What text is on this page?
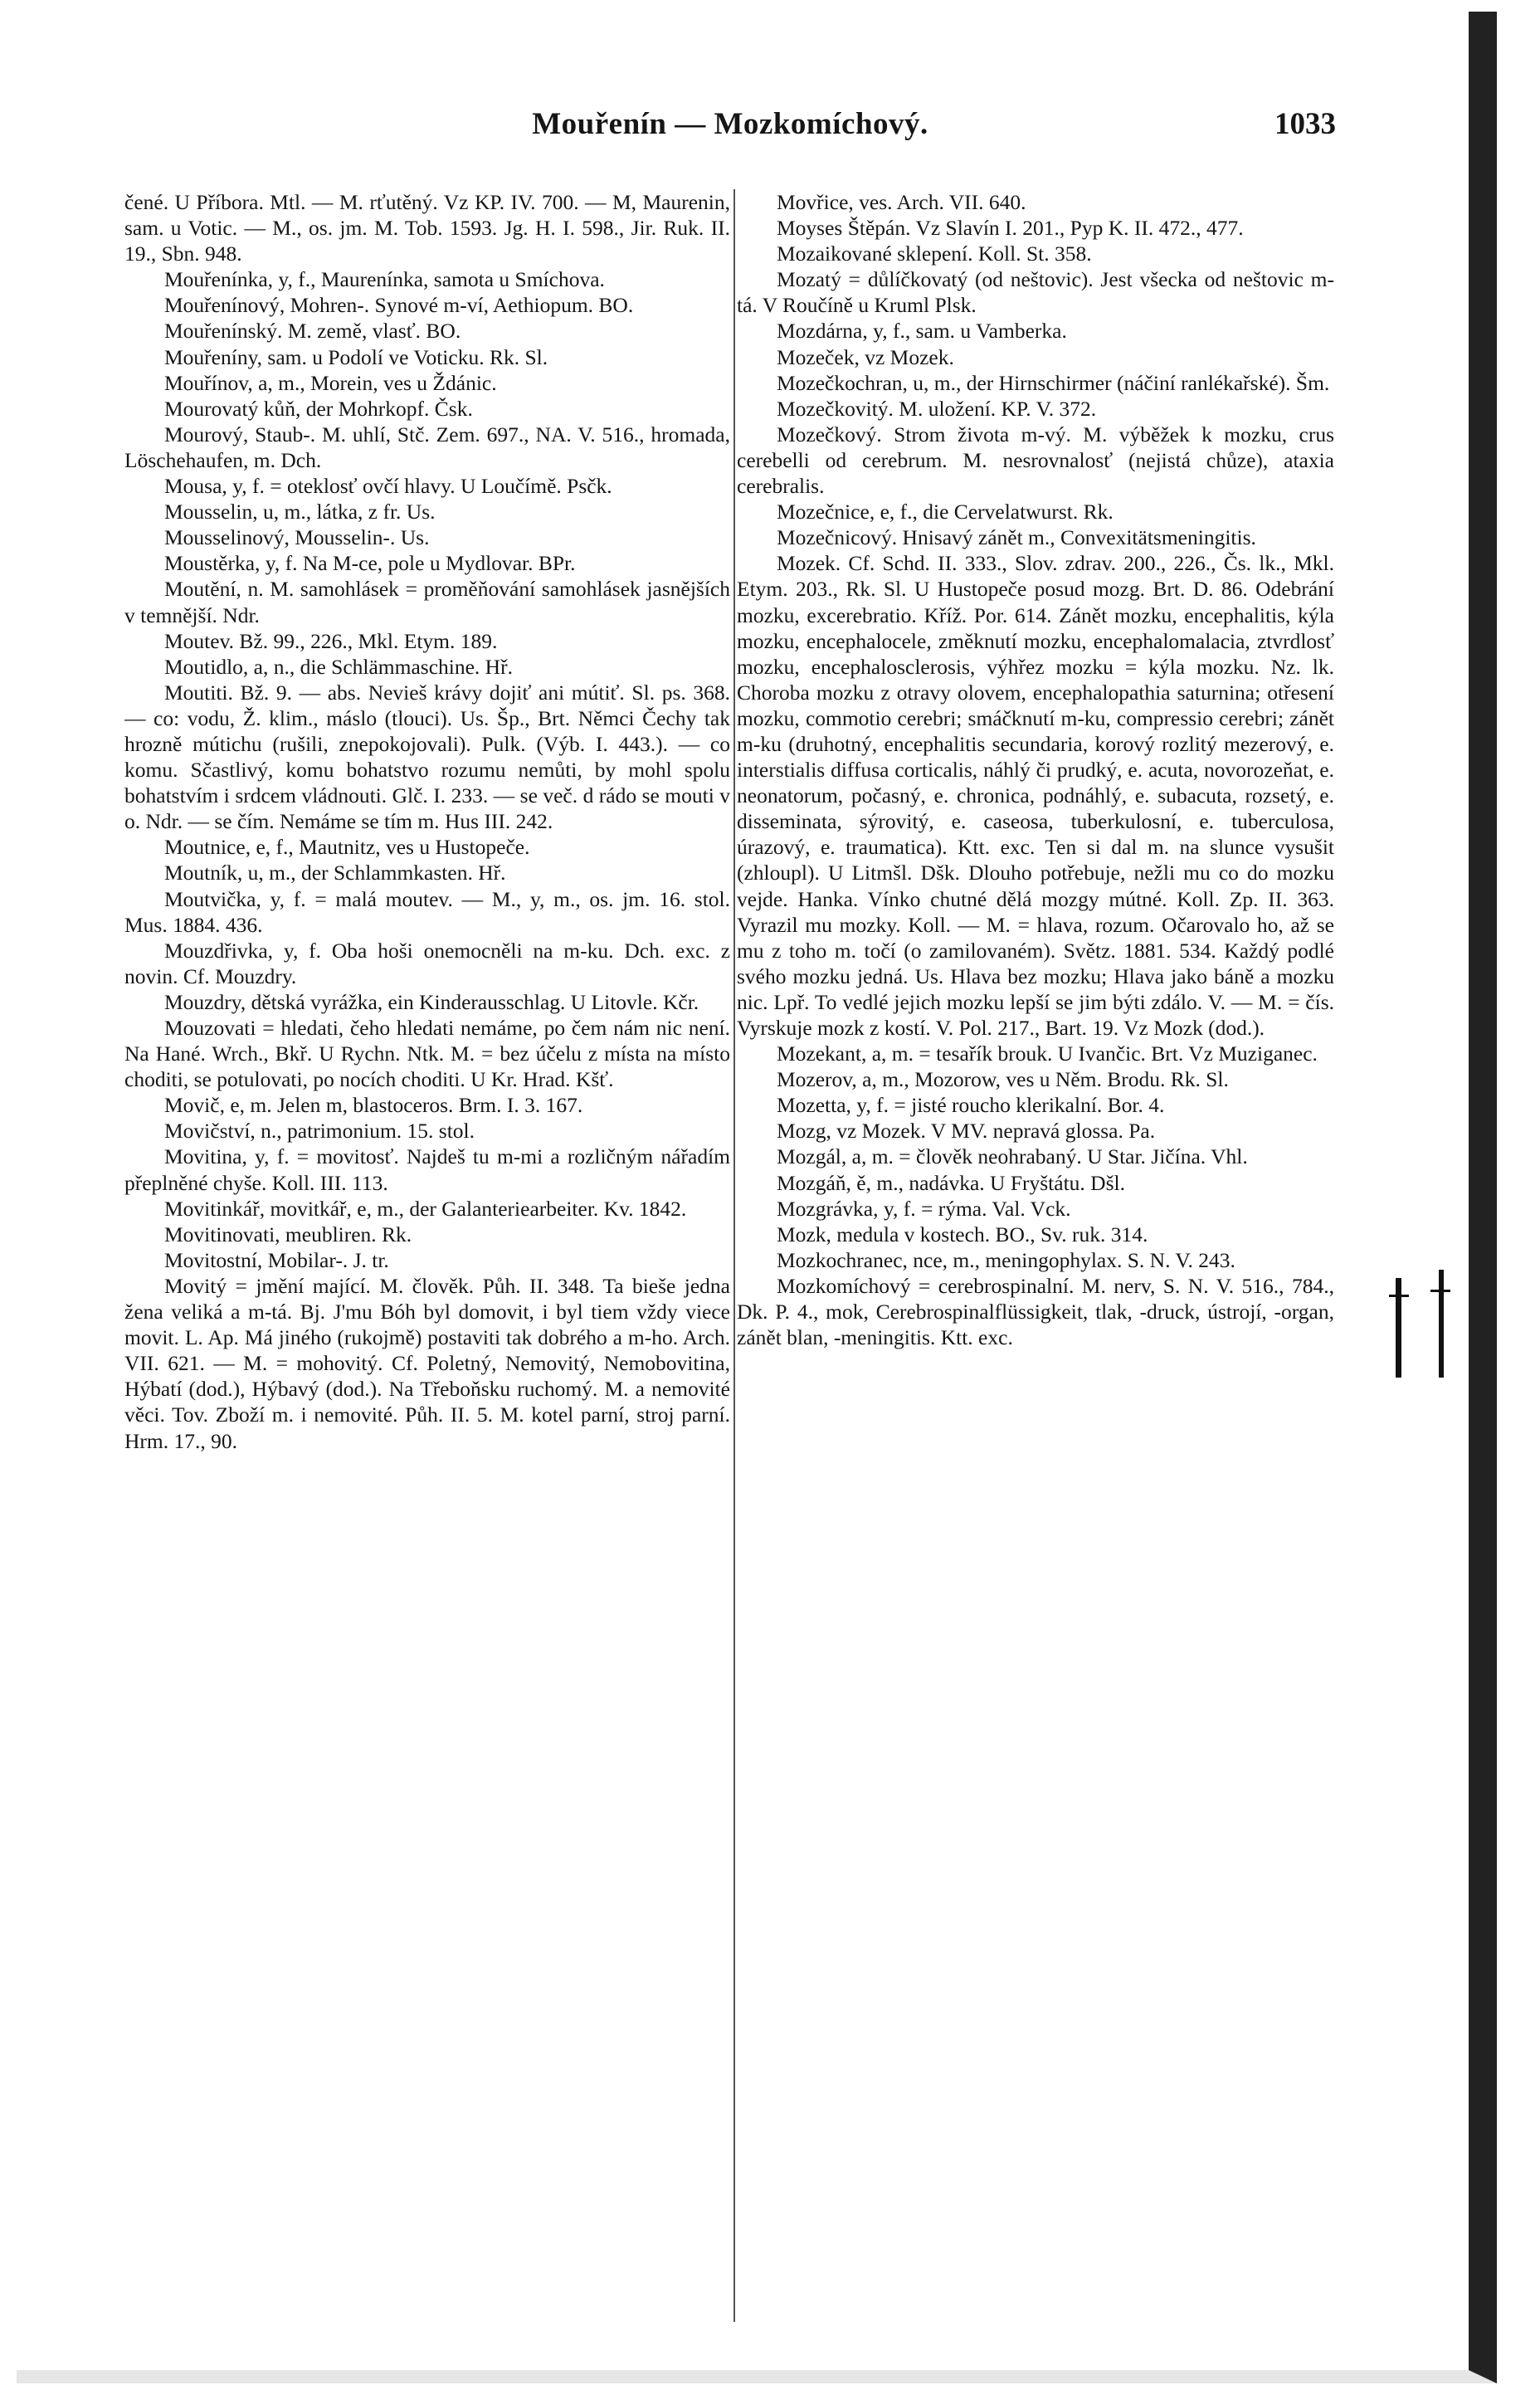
Mouřenín — Mozkomíchový.	1033

čené. U Příbora. Mtl. — M. rťutěný. Vz KP. IV. 700. — M, Maurenin, sam. u Votic. — M., os. jm. M. Tob. 1593. Jg. H. I. 598., Jir. Ruk. II. 19., Sbn. 948.

Mouřenínka, y, f., Maurenínka, samota u Smíchova.

Mouřenínový, Mohren-. Synové m-ví, Aethiopum. BO.

Mouřenínský. M. země, vlasť. BO.

Mouřeníny, sam. u Podolí ve Voticku. Rk. Sl.

Mouřínov, a, m., Morein, ves u Ždánic.

Mourovatý kůň, der Mohrkopf. Čsk.

Mourový, Staub-. M. uhlí, Stč. Zem. 697., NA. V. 516., hromada, Löschehaufen, m. Dch.

Mousa, y, f. = oteklosť ovčí hlavy. U Loučímě. Psčk.

Mousselin, u, m., látka, z fr. Us.

Mousselinový, Mousselin-. Us.

Moustěrka, y, f. Na M-ce, pole u Mydlovar. BPr.

Moutění, n. M. samohlásek = proměňování samohlásek jasnějších v temnější. Ndr.

Moutev. Bž. 99., 226., Mkl. Etym. 189.

Moutidlo, a, n., die Schlämmaschine. Hř.

Moutiti. Bž. 9. — abs. Nevieš krávy dojiť ani mútiť. Sl. ps. 368. — co: vodu, Ž. klim., máslo (tlouci). Us. Šp., Brt. Němci Čechy tak hrozně mútichu (rušili, znepokojovali). Pulk. (Výb. I. 443.). — co komu. Sčastlivý, komu bohatstvo rozumu nemůti, by mohl spolu bohatstvím i srdcem vládnouti. Glč. I. 233. — se več. d rádo se mouti v o. Ndr. — se čím. Nemáme se tím m. Hus III. 242.

Moutnice, e, f., Mautnitz, ves u Hustopeče.

Moutník, u, m., der Schlammkasten. Hř.

Moutvička, y, f. = malá moutev. — M., y, m., os. jm. 16. stol. Mus. 1884. 436.

Mouzdřivka, y, f. Oba hoši onemocněli na m-ku. Dch. exc. z novin. Cf. Mouzdry.

Mouzdry, dětská vyrážka, ein Kinderausschlag. U Litovle. Kčr.

Mouzovati = hledati, čeho hledati nemáme, po čem nám nic není. Na Hané. Wrch., Bkř. U Rychn. Ntk. M. = bez účelu z místa na místo choditi, se potulovati, po nocích choditi. U Kr. Hrad. Kšť.

Movič, e, m. Jelen m, blastoceros. Brm. I. 3. 167.

Movičství, n., patrimonium. 15. stol.

Movitina, y, f. = movitosť. Najdeš tu m-mi a rozličným nářadím přeplněné chyše. Koll. III. 113.

Movitinkář, movitkář, e, m., der Galanteriearbeiter. Kv. 1842.

Movitinovati, meubliren. Rk.

Movitostní, Mobilar-. J. tr.

Movitý = jmění mající. M. člověk. Půh. II. 348. Ta bieše jedna žena veliká a m-tá. Bj. J'mu Bóh byl domovit, i byl tiem vždy viece movit. L. Ap. Má jiného (rukojmě) postaviti tak dobrého a m-ho. Arch. VII. 621. — M. = mohovitý. Cf. Poletný, Nemovitý, Nemobovitina, Hýbatí (dod.), Hýbavý (dod.). Na Třeboňsku ruchomý. M. a nemovité věci. Tov. Zboží m. i nemovité. Půh. II. 5. M. kotel parní, stroj parní. Hrm. 17., 90.

Movřice, ves. Arch. VII. 640.

Moyses Štěpán. Vz Slavín I. 201., Pyp K. II. 472., 477.

Mozaikované sklepení. Koll. St. 358.

Mozatý = důlíčkovatý (od neštovic). Jest všecka od neštovic m-tá. V Roučíně u Kruml Plsk.

Mozdárna, y, f., sam. u Vamberka.

Mozeček, vz Mozek.

Mozečkochran, u, m., der Hirnschirmer (náčiní ranlékařské). Šm.

Mozečkovitý. M. uložení. KP. V. 372.

Mozečkový. Strom života m-vý. M. výběžek k mozku, crus cerebelli od cerebrum. M. nesrovnalosť (nejistá chůze), ataxia cerebralis.

Mozečnice, e, f., die Cervelatwurst. Rk.

Mozečnicový. Hnisavý zánět m., Convexitätsmeningitis.

Mozek. Cf. Schd. II. 333., Slov. zdrav. 200., 226., Čs. lk., Mkl. Etym. 203., Rk. Sl. U Hustopeče posud mozg. Brt. D. 86. Odebrání mozku, excerebratio. Kříž. Por. 614. Zánět mozku, encephalitis, kýla mozku, encephalocele, změknutí mozku, encephalomalacia, ztvrdlosť mozku, encephalosclerosis, výhřez mozku = kýla mozku. Nz. lk. Choroba mozku z otravy olovem, encephalopathia saturnina; otřesení mozku, commotio cerebri; smáčknutí m-ku, compressio cerebri; zánět m-ku (druhotný, encephalitis secundaria, korový rozlitý mezerový, e. interstialis diffusa corticalis, náhlý či prudký, e. acuta, novorozeňat, e. neonatorum, počasný, e. chronica, podnáhlý, e. subacuta, rozsetý, e. disseminata, sýrovitý, e. caseosa, tuberkulosní, e. tuberculosa, úrazový, e. traumatica). Ktt. exc. Ten si dal m. na slunce vysušit (zhloupl). U Litmšl. Dšk. Dlouho potřebuje, nežli mu co do mozku vejde. Hanka. Vínko chutné dělá mozgy mútné. Koll. Zp. II. 363. Vyrazil mu mozky. Koll. — M. = hlava, rozum. Očarovalo ho, až se mu z toho m. točí (o zamilovaném). Světz. 1881. 534. Každý podlé svého mozku jedná. Us. Hlava bez mozku; Hlava jako báně a mozku nic. Lpř. To vedlé jejich mozku lepší se jim býti zdálo. V. — M. = čís. Vyrskuje mozk z kostí. V. Pol. 217., Bart. 19. Vz Mozk (dod.).

Mozekant, a, m. = tesařík brouk. U Ivančic. Brt. Vz Muziganec.

Mozerov, a, m., Mozorow, ves u Něm. Brodu. Rk. Sl.

Mozetta, y, f. = jisté roucho klerikalní. Bor. 4.

Mozg, vz Mozek. V MV. nepravá glossa. Pa.

Mozgál, a, m. = člověk neohrabaný. U Star. Jičína. Vhl.

Mozgáň, ě, m., nadávka. U Fryštátu. Dšl.

Mozgrávka, y, f. = rýma. Val. Vck.

Mozk, medula v kostech. BO., Sv. ruk. 314.

Mozkochranec, nce, m., meningophylax. S. N. V. 243.

Mozkomíchový = cerebrospinalní. M. nerv, S. N. V. 516., 784., Dk. P. 4., mok, Cerebrospinalflüssigkeit, tlak, -druck, ústrojí, -organ, zánět blan, -meningitis. Ktt. exc.
